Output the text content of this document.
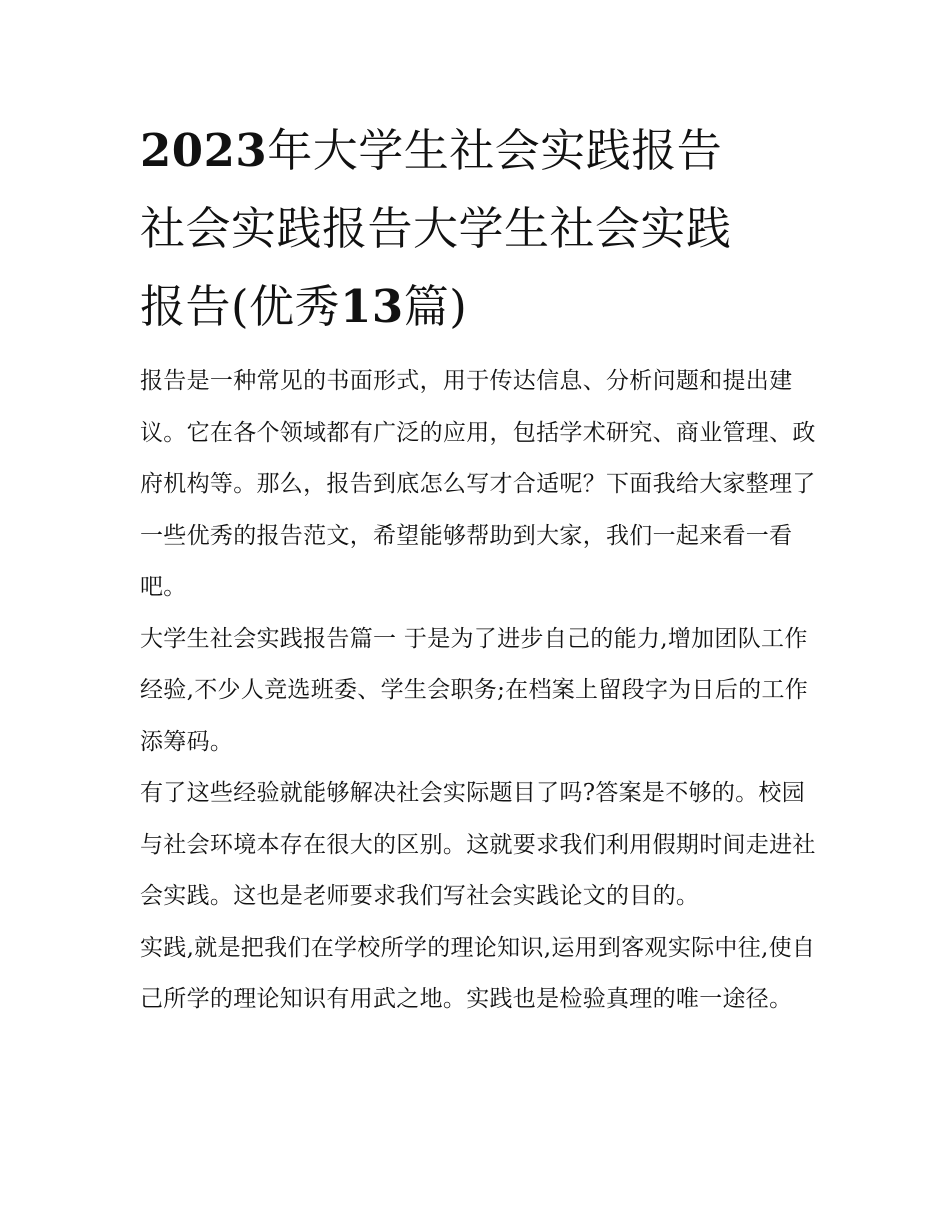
2023年大学生社会实践报告
社会实践报告大学生社会实践
报告(优秀13篇)

报告是一种常见的书面形式，用于传达信息、分析问题和提出建议。它在各个领域都有广泛的应用，包括学术研究、商业管理、政府机构等。那么，报告到底怎么写才合适呢？下面我给大家整理了一些优秀的报告范文，希望能够帮助到大家，我们一起来看一看吧。

大学生社会实践报告篇一 于是为了进步自己的能力,增加团队工作经验,不少人竞选班委、学生会职务;在档案上留段字为日后的工作添筹码。

有了这些经验就能够解决社会实际题目了吗?答案是不够的。校园与社会环境本存在很大的区别。这就要求我们利用假期时间走进社会实践。这也是老师要求我们写社会实践论文的目的。

实践,就是把我们在学校所学的理论知识,运用到客观实际中往,使自己所学的理论知识有用武之地。实践也是检验真理的唯一途径。
